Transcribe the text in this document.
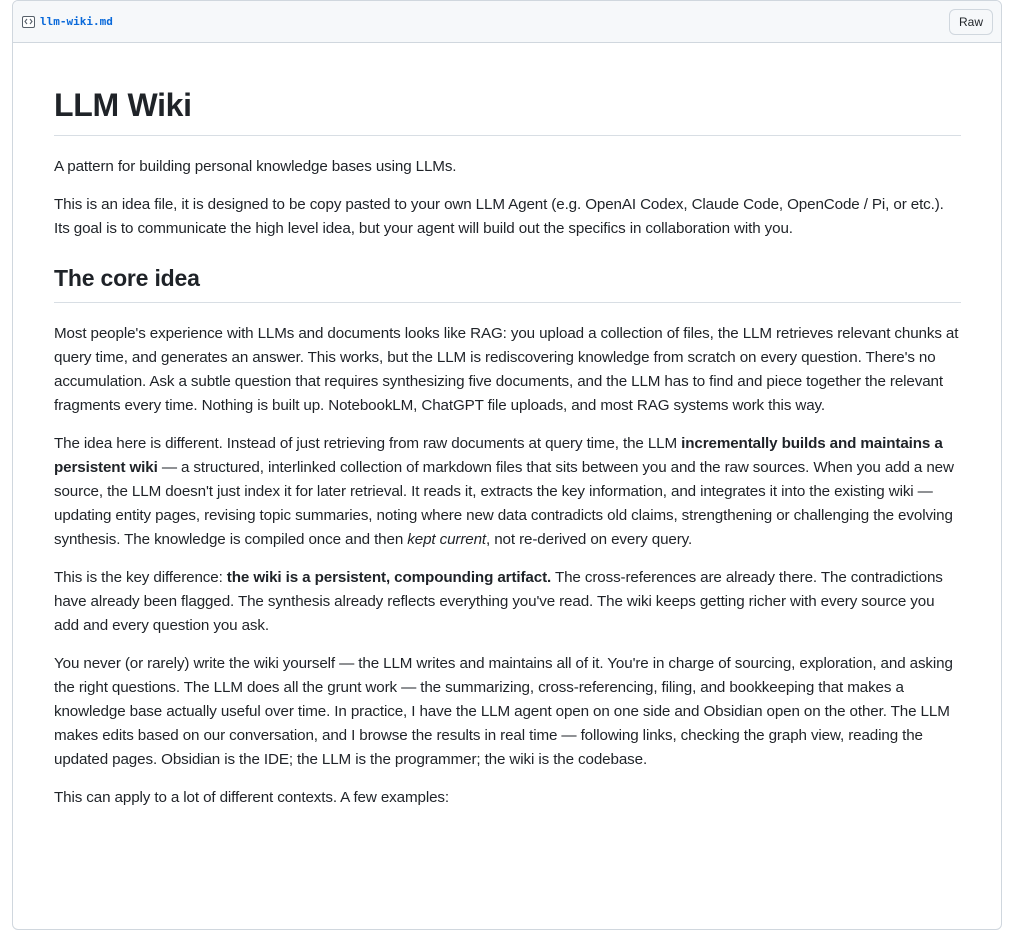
llm-wiki.md	Raw
LLM Wiki

A pattern for building personal knowledge bases using LLMs.

This is an idea file, it is designed to be copy pasted to your own LLM Agent (e.g. OpenAI Codex, Claude Code, OpenCode / Pi, or etc.). Its goal is to communicate the high level idea, but your agent will build out the specifics in collaboration with you.

The core idea

Most people's experience with LLMs and documents looks like RAG: you upload a collection of files, the LLM retrieves relevant chunks at query time, and generates an answer. This works, but the LLM is rediscovering knowledge from scratch on every question. There's no accumulation. Ask a subtle question that requires synthesizing five documents, and the LLM has to find and piece together the relevant fragments every time. Nothing is built up. NotebookLM, ChatGPT file uploads, and most RAG systems work this way.

The idea here is different. Instead of just retrieving from raw documents at query time, the LLM incrementally builds and maintains a persistent wiki — a structured, interlinked collection of markdown files that sits between you and the raw sources. When you add a new source, the LLM doesn't just index it for later retrieval. It reads it, extracts the key information, and integrates it into the existing wiki — updating entity pages, revising topic summaries, noting where new data contradicts old claims, strengthening or challenging the evolving synthesis. The knowledge is compiled once and then kept current, not re-derived on every query.

This is the key difference: the wiki is a persistent, compounding artifact. The cross-references are already there. The contradictions have already been flagged. The synthesis already reflects everything you've read. The wiki keeps getting richer with every source you add and every question you ask.

You never (or rarely) write the wiki yourself — the LLM writes and maintains all of it. You're in charge of sourcing, exploration, and asking the right questions. The LLM does all the grunt work — the summarizing, cross-referencing, filing, and bookkeeping that makes a knowledge base actually useful over time. In practice, I have the LLM agent open on one side and Obsidian open on the other. The LLM makes edits based on our conversation, and I browse the results in real time — following links, checking the graph view, reading the updated pages. Obsidian is the IDE; the LLM is the programmer; the wiki is the codebase.

This can apply to a lot of different contexts. A few examples:
